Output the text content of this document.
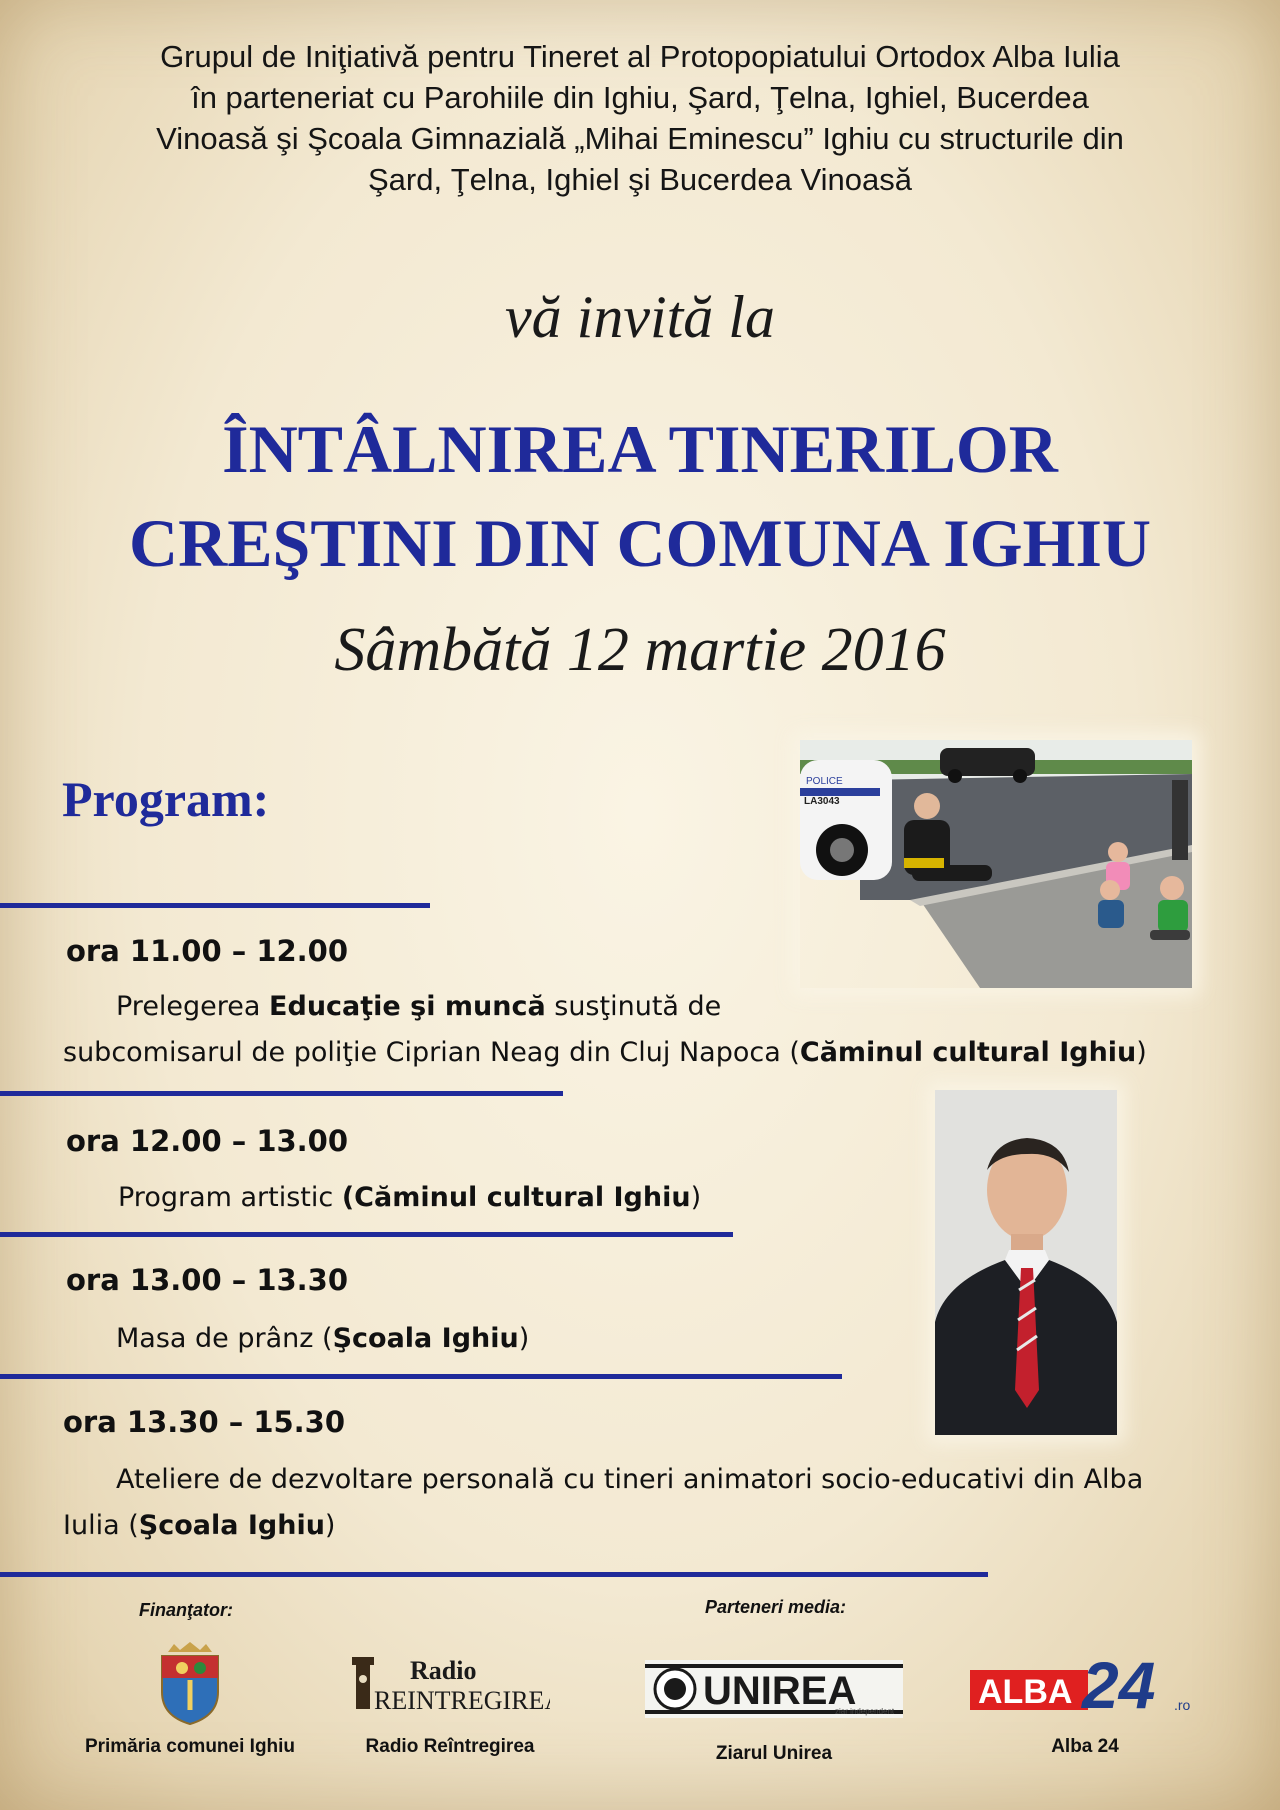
Grupul de Iniţiativă pentru Tineret al Protopopiatului Ortodox Alba Iulia
în parteneriat cu Parohiile din Ighiu, Şard, Ţelna, Ighiel, Bucerdea
Vinoasă şi Şcoala Gimnazială „Mihai Eminescu” Ighiu cu structurile din
Şard, Ţelna, Ighiel şi Bucerdea Vinoasă
vă invită la
ÎNTÂLNIREA TINERILOR
CREŞTINI DIN COMUNA IGHIU
Sâmbătă 12 martie 2016
Program:	POLICE
LA3043
ora 11.00 – 12.00
Prelegerea Educaţie şi muncă susţinută de
subcomisarul de poliţie Ciprian Neag din Cluj Napoca (Căminul cultural Ighiu)
ora 12.00 – 13.00
Program artistic (Căminul cultural Ighiu)
ora 13.00 – 13.30
Masa de prânz (Şcoala Ighiu)
ora 13.30 – 15.30
Ateliere de dezvoltare personală cu tineri animatori socio-educativi din Alba
Iulia (Şcoala Ighiu)
Finanţator:	Parteneri media:
Primăria comunei Ighiu
Radio
REINTREGIREA
Radio Reîntregirea
UNIREA
ziar independent
Ziarul Unirea
ALBA 24 .ro
Alba 24
